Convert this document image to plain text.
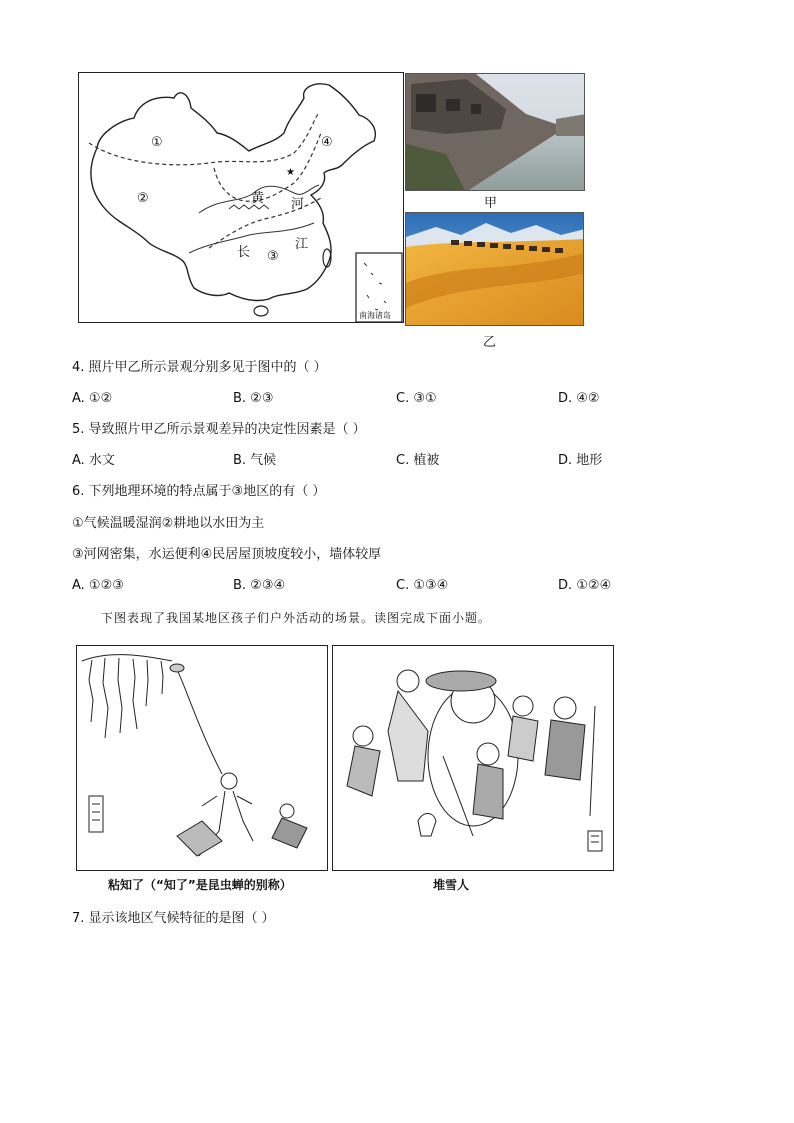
①
②
③
④
黄 河
长
江
★
南海诸岛
甲
乙
4. 照片甲乙所示景观分别多见于图中的（ ）
A. ①②	B. ②③	C. ③①	D. ④②
5. 导致照片甲乙所示景观差异的决定性因素是（ ）
A. 水文	B. 气候	C. 植被	D. 地形
6. 下列地理环境的特点属于③地区的有（ ）
①气候温暖湿润②耕地以水田为主
③河网密集，水运便利④民居屋顶坡度较小，墙体较厚
A. ①②③	B. ②③④	C. ①③④	D. ①②④
下图表现了我国某地区孩子们户外活动的场景。读图完成下面小题。
粘知了（“知了”是昆虫蝉的别称）	堆雪人
7. 显示该地区气候特征的是图（ ）
